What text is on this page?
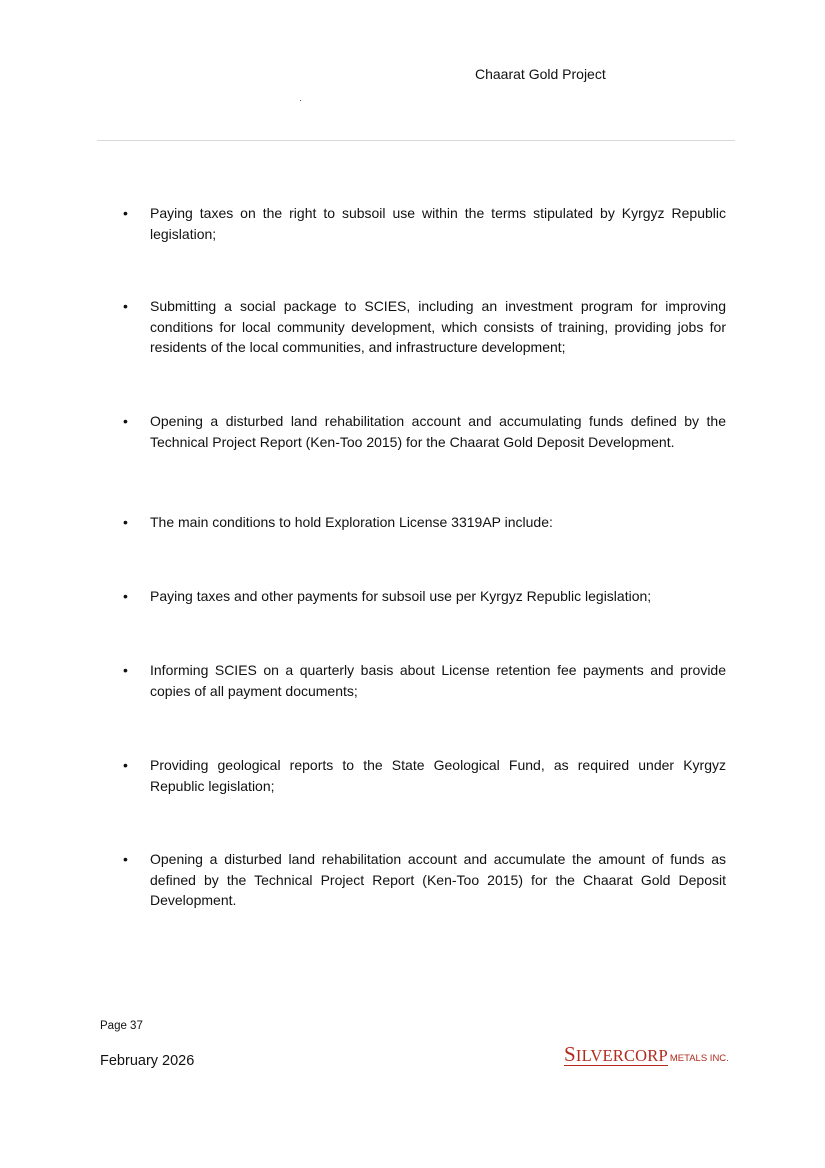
Chaarat Gold Project
•	Paying taxes on the right to subsoil use within the terms stipulated by Kyrgyz Republic legislation;
•	Submitting a social package to SCIES, including an investment program for improving conditions for local community development, which consists of training, providing jobs for residents of the local communities, and infrastructure development;
•	Opening a disturbed land rehabilitation account and accumulating funds defined by the Technical Project Report (Ken-Too 2015) for the Chaarat Gold Deposit Development.
•	The main conditions to hold Exploration License 3319AP include:
•	Paying taxes and other payments for subsoil use per Kyrgyz Republic legislation;
•	Informing SCIES on a quarterly basis about License retention fee payments and provide copies of all payment documents;
•	Providing geological reports to the State Geological Fund, as required under Kyrgyz Republic legislation;
•	Opening a disturbed land rehabilitation account and accumulate the amount of funds as defined by the Technical Project Report (Ken-Too 2015) for the Chaarat Gold Deposit Development.
Page 37
February 2026	SILVERCORP METALS INC.
